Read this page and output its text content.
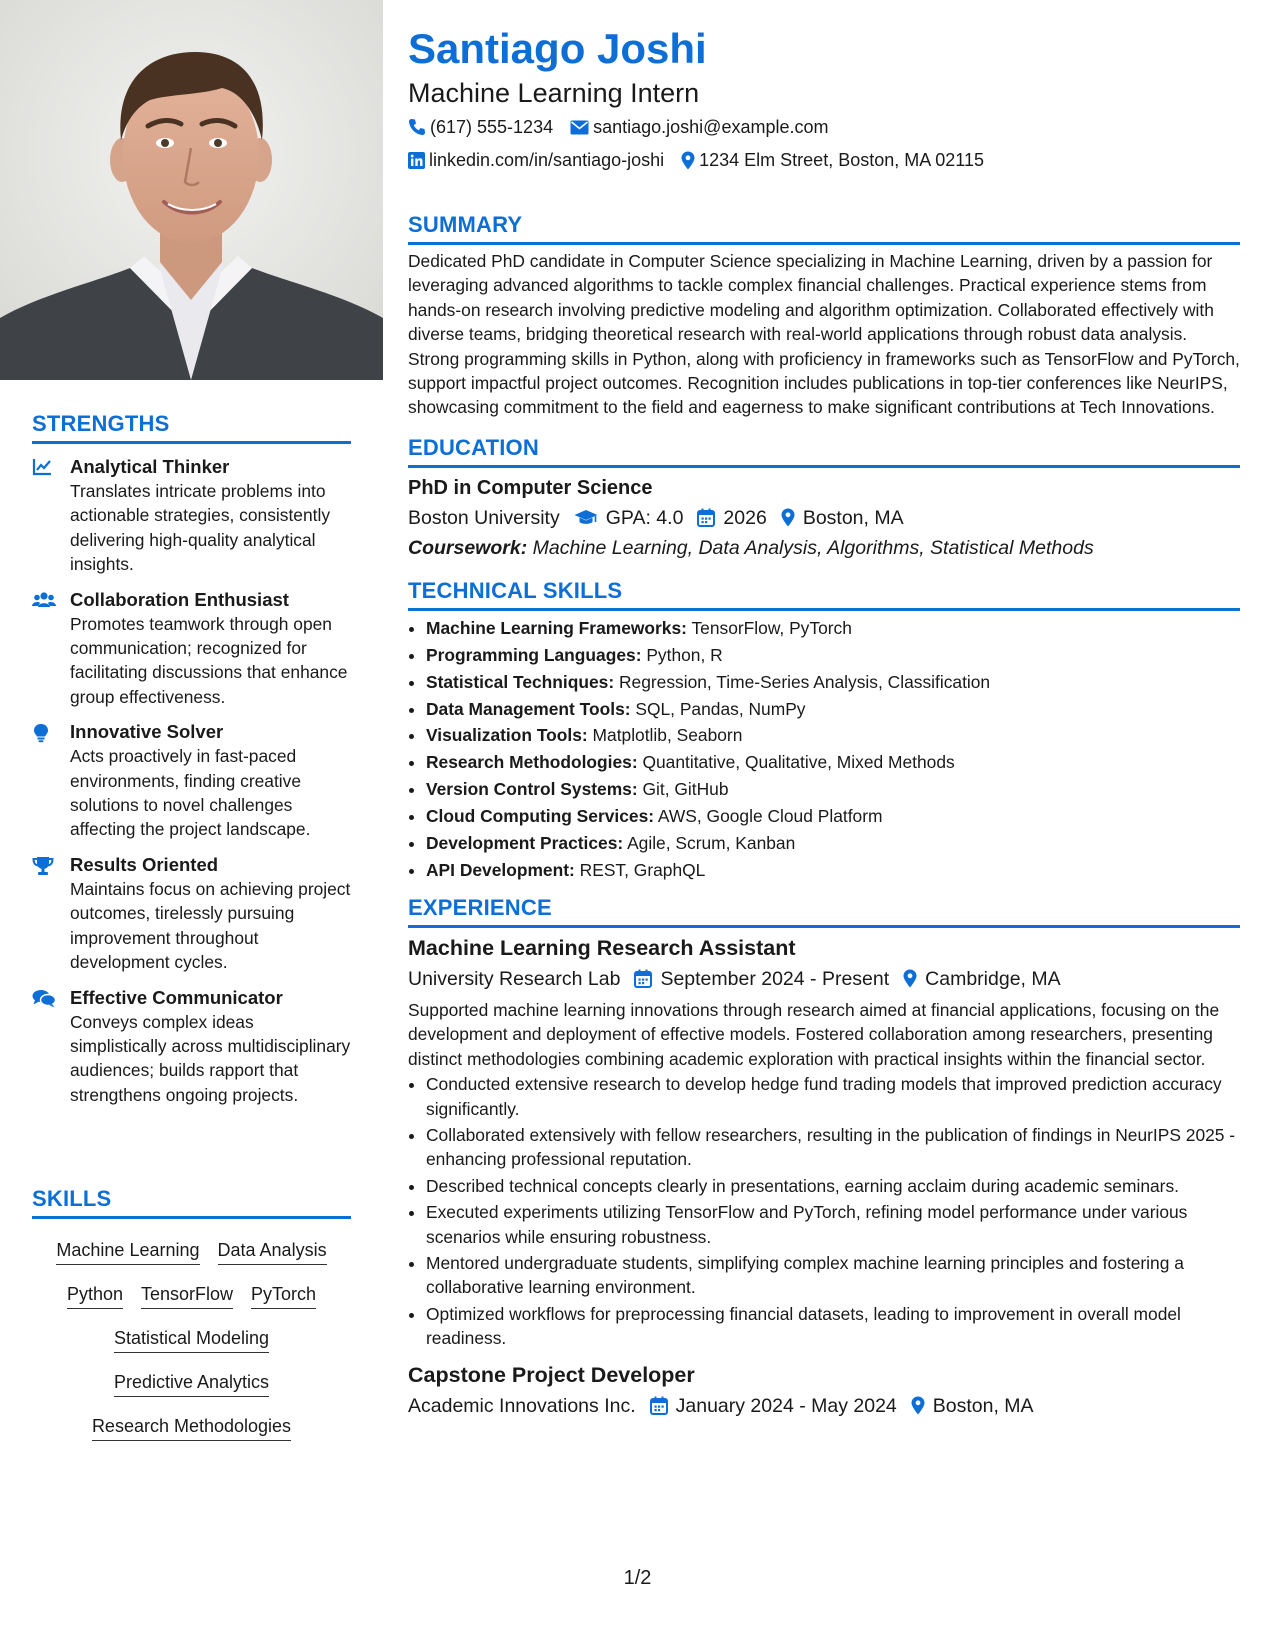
STRENGTHS
Analytical Thinker
Translates intricate problems into actionable strategies, consistently delivering high-quality analytical insights.
Collaboration Enthusiast
Promotes teamwork through open communication; recognized for facilitating discussions that enhance group effectiveness.
Innovative Solver
Acts proactively in fast-paced environments, finding creative solutions to novel challenges affecting the project landscape.
Results Oriented
Maintains focus on achieving project outcomes, tirelessly pursuing improvement throughout development cycles.
Effective Communicator
Conveys complex ideas simplistically across multidisciplinary audiences; builds rapport that strengthens ongoing projects.
SKILLS
Machine Learning Data Analysis
Python TensorFlow PyTorch
Statistical Modeling
Predictive Analytics
Research Methodologies
Santiago Joshi
Machine Learning Intern
(617) 555-1234 santiago.joshi@example.com
linkedin.com/in/santiago-joshi 1234 Elm Street, Boston, MA 02115
SUMMARY
Dedicated PhD candidate in Computer Science specializing in Machine Learning, driven by a passion for leveraging advanced algorithms to tackle complex financial challenges. Practical experience stems from hands-on research involving predictive modeling and algorithm optimization. Collaborated effectively with diverse teams, bridging theoretical research with real-world applications through robust data analysis. Strong programming skills in Python, along with proficiency in frameworks such as TensorFlow and PyTorch, support impactful project outcomes. Recognition includes publications in top-tier conferences like NeurIPS, showcasing commitment to the field and eagerness to make significant contributions at Tech Innovations.
EDUCATION
PhD in Computer Science
Boston University GPA: 4.0 2026 Boston, MA
Coursework: Machine Learning, Data Analysis, Algorithms, Statistical Methods
TECHNICAL SKILLS
• Machine Learning Frameworks: TensorFlow, PyTorch
• Programming Languages: Python, R
• Statistical Techniques: Regression, Time-Series Analysis, Classification
• Data Management Tools: SQL, Pandas, NumPy
• Visualization Tools: Matplotlib, Seaborn
• Research Methodologies: Quantitative, Qualitative, Mixed Methods
• Version Control Systems: Git, GitHub
• Cloud Computing Services: AWS, Google Cloud Platform
• Development Practices: Agile, Scrum, Kanban
• API Development: REST, GraphQL
EXPERIENCE
Machine Learning Research Assistant
University Research Lab September 2024 - Present Cambridge, MA
Supported machine learning innovations through research aimed at financial applications, focusing on the development and deployment of effective models. Fostered collaboration among researchers, presenting distinct methodologies combining academic exploration with practical insights within the financial sector.
• Conducted extensive research to develop hedge fund trading models that improved prediction accuracy significantly.
• Collaborated extensively with fellow researchers, resulting in the publication of findings in NeurIPS 2025 - enhancing professional reputation.
• Described technical concepts clearly in presentations, earning acclaim during academic seminars.
• Executed experiments utilizing TensorFlow and PyTorch, refining model performance under various scenarios while ensuring robustness.
• Mentored undergraduate students, simplifying complex machine learning principles and fostering a collaborative learning environment.
• Optimized workflows for preprocessing financial datasets, leading to improvement in overall model readiness.
Capstone Project Developer
Academic Innovations Inc. January 2024 - May 2024 Boston, MA
1/2
